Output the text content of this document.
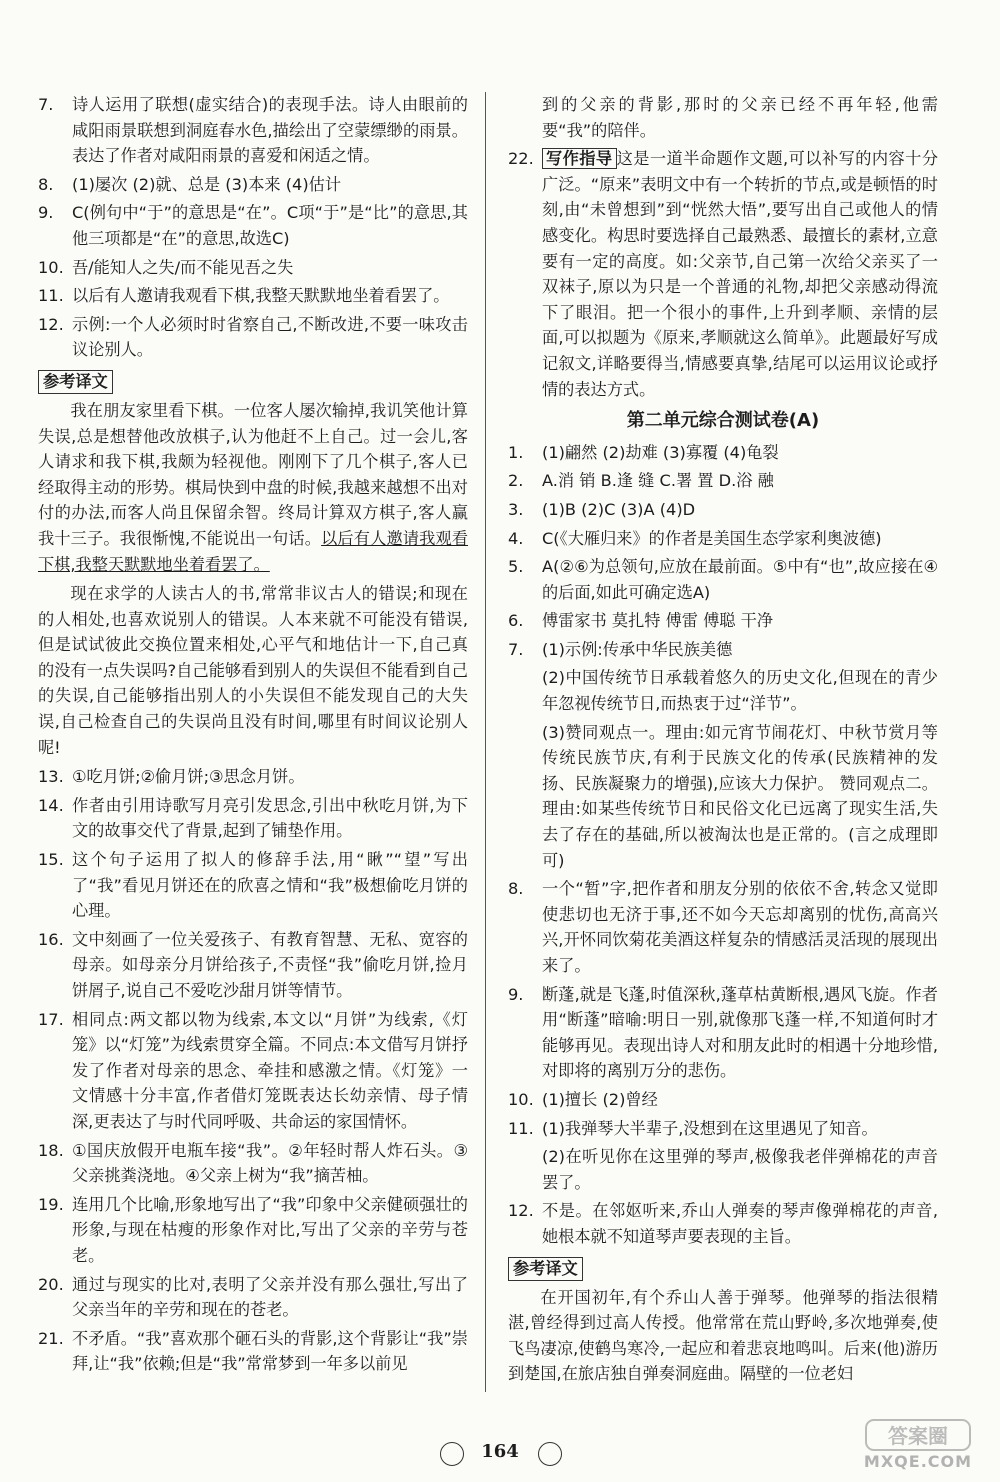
7.	诗人运用了联想(虚实结合)的表现手法。诗人由眼前的咸阳雨景联想到洞庭春水色,描绘出了空蒙缥缈的雨景。表达了作者对咸阳雨景的喜爱和闲适之情。
8.	(1)屡次 (2)就、总是 (3)本来 (4)估计
9.	C(例句中“于”的意思是“在”。C项“于”是“比”的意思,其他三项都是“在”的意思,故选C)
10. 吾/能知人之失/而不能见吾之失
11. 以后有人邀请我观看下棋,我整天默默地坐着看罢了。
12. 示例:一个人必须时时省察自己,不断改进,不要一味攻击议论别人。
参考译文

我在朋友家里看下棋。一位客人屡次输掉,我讥笑他计算失误,总是想替他改放棋子,认为他赶不上自己。过一会儿,客人请求和我下棋,我颇为轻视他。刚刚下了几个棋子,客人已经取得主动的形势。棋局快到中盘的时候,我越来越想不出对付的办法,而客人尚且保留余智。终局计算双方棋子,客人赢我十三子。我很惭愧,不能说出一句话。以后有人邀请我观看下棋,我整天默默地坐着看罢了。

现在求学的人读古人的书,常常非议古人的错误;和现在的人相处,也喜欢说别人的错误。人本来就不可能没有错误,但是试试彼此交换位置来相处,心平气和地估计一下,自己真的没有一点失误吗?自己能够看到别人的失误但不能看到自己的失误,自己能够指出别人的小失误但不能发现自己的大失误,自己检查自己的失误尚且没有时间,哪里有时间议论别人呢!

13. ①吃月饼;②偷月饼;③思念月饼。
14. 作者由引用诗歌写月亮引发思念,引出中秋吃月饼,为下文的故事交代了背景,起到了铺垫作用。
15. 这个句子运用了拟人的修辞手法,用“瞅”“望”写出了“我”看见月饼还在的欣喜之情和“我”极想偷吃月饼的心理。
16. 文中刻画了一位关爱孩子、有教育智慧、无私、宽容的母亲。如母亲分月饼给孩子,不责怪“我”偷吃月饼,捡月饼屑子,说自己不爱吃沙甜月饼等情节。
17. 相同点:两文都以物为线索,本文以“月饼”为线索,《灯笼》以“灯笼”为线索贯穿全篇。不同点:本文借写月饼抒发了作者对母亲的思念、牵挂和感激之情。《灯笼》一文情感十分丰富,作者借灯笼既表达长幼亲情、母子情深,更表达了与时代同呼吸、共命运的家国情怀。
18. ①国庆放假开电瓶车接“我”。②年轻时帮人炸石头。③父亲挑粪浇地。④父亲上树为“我”摘苦柚。
19. 连用几个比喻,形象地写出了“我”印象中父亲健硕强壮的形象,与现在枯瘦的形象作对比,写出了父亲的辛劳与苍老。
20. 通过与现实的比对,表明了父亲并没有那么强壮,写出了父亲当年的辛劳和现在的苍老。
21. 不矛盾。“我”喜欢那个砸石头的背影,这个背影让“我”崇拜,让“我”依赖;但是“我”常常梦到一年多以前见

到的父亲的背影,那时的父亲已经不再年轻,他需要“我”的陪伴。

22. 写作指导 这是一道半命题作文题,可以补写的内容十分广泛。“原来”表明文中有一个转折的节点,或是顿悟的时刻,由“未曾想到”到“恍然大悟”,要写出自己或他人的情感变化。构思时要选择自己最熟悉、最擅长的素材,立意要有一定的高度。如:父亲节,自己第一次给父亲买了一双袜子,原以为只是一个普通的礼物,却把父亲感动得流下了眼泪。把一个很小的事件,上升到孝顺、亲情的层面,可以拟题为《原来,孝顺就这么简单》。此题最好写成记叙文,详略要得当,情感要真挚,结尾可以运用议论或抒情的表达方式。
第二单元综合测试卷(A)
1.	(1)翩然 (2)劫难 (3)寡覆 (4)龟裂
2.	A.消 销 B.逢 缝 C.署 置 D.浴 融
3.	(1)B (2)C (3)A (4)D
4.	C(《大雁归来》的作者是美国生态学家利奥波德)
5.	A(②⑥为总领句,应放在最前面。⑤中有“也”,故应接在④的后面,如此可确定选A)
6.	傅雷家书 莫扎特 傅雷 傅聪 干净
7.	(1)示例:传承中华民族美德

(2)中国传统节日承载着悠久的历史文化,但现在的青少年忽视传统节日,而热衷于过“洋节”。

(3)赞同观点一。理由:如元宵节闹花灯、中秋节赏月等传统民族节庆,有利于民族文化的传承(民族精神的发扬、民族凝聚力的增强),应该大力保护。 赞同观点二。理由:如某些传统节日和民俗文化已远离了现实生活,失去了存在的基础,所以被淘汰也是正常的。(言之成理即可)

8.	一个“暂”字,把作者和朋友分别的依依不舍,转念又觉即使悲切也无济于事,还不如今天忘却离别的忧伤,高高兴兴,开怀同饮菊花美酒这样复杂的情感活灵活现的展现出来了。
9.	断蓬,就是飞蓬,时值深秋,蓬草枯黄断根,遇风飞旋。作者用“断蓬”暗喻:明日一别,就像那飞蓬一样,不知道何时才能够再见。表现出诗人对和朋友此时的相遇十分地珍惜,对即将的离别万分的悲伤。
10. (1)擅长 (2)曾经
11. (1)我弹琴大半辈子,没想到在这里遇见了知音。

(2)在听见你在这里弹的琴声,极像我老伴弹棉花的声音罢了。

12. 不是。在邻妪听来,乔山人弹奏的琴声像弹棉花的声音,她根本就不知道琴声要表现的主旨。
参考译文

在开国初年,有个乔山人善于弹琴。他弹琴的指法很精湛,曾经得到过高人传授。他常常在荒山野岭,多次地弹奏,使飞鸟凄凉,使鹤鸟寒冷,一起应和着悲哀地鸣叫。后来(他)游历到楚国,在旅店独自弹奏洞庭曲。隔壁的一位老妇

164
答案圈
MXQE.COM
